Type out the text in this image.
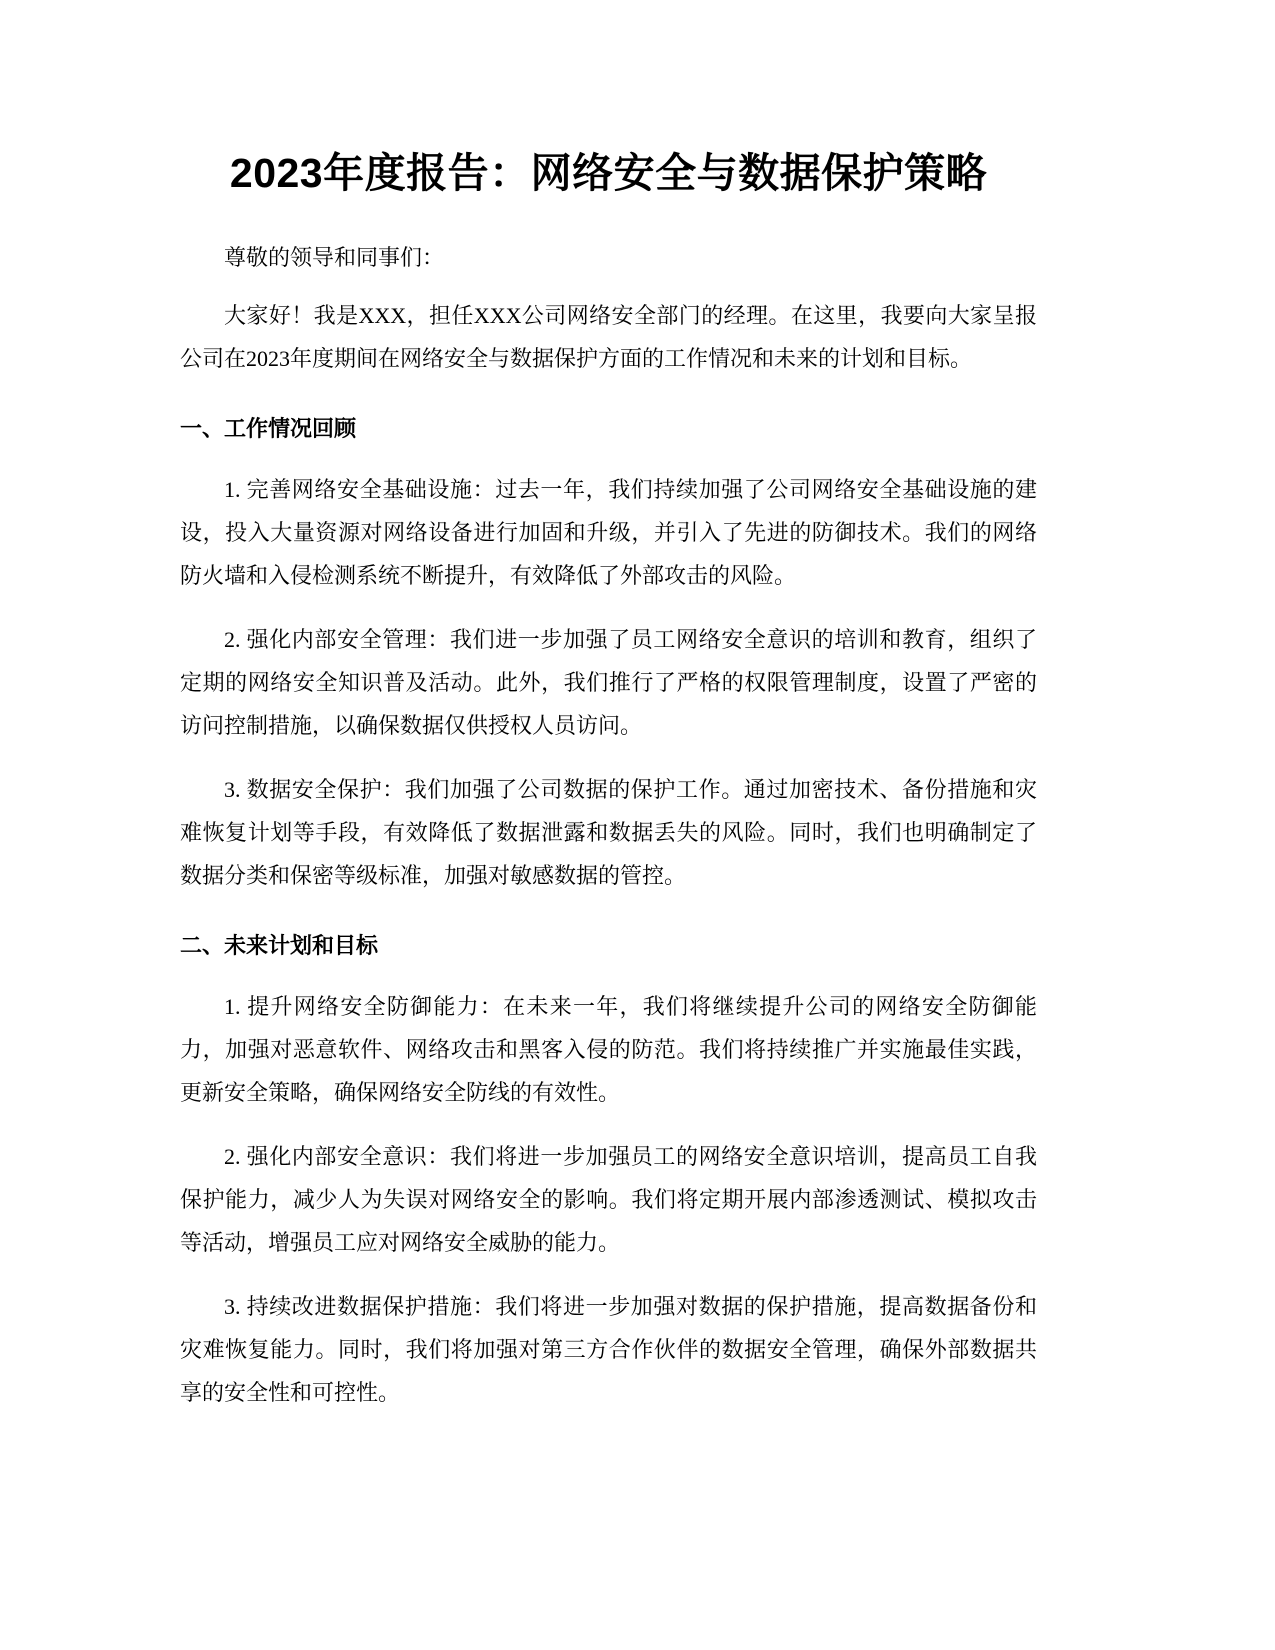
2023年度报告：网络安全与数据保护策略

尊敬的领导和同事们：

大家好！我是XXX，担任XXX公司网络安全部门的经理。在这里，我要向大家呈报公司在2023年度期间在网络安全与数据保护方面的工作情况和未来的计划和目标。

一、工作情况回顾

1. 完善网络安全基础设施：过去一年，我们持续加强了公司网络安全基础设施的建设，投入大量资源对网络设备进行加固和升级，并引入了先进的防御技术。我们的网络防火墙和入侵检测系统不断提升，有效降低了外部攻击的风险。

2. 强化内部安全管理：我们进一步加强了员工网络安全意识的培训和教育，组织了定期的网络安全知识普及活动。此外，我们推行了严格的权限管理制度，设置了严密的访问控制措施，以确保数据仅供授权人员访问。

3. 数据安全保护：我们加强了公司数据的保护工作。通过加密技术、备份措施和灾难恢复计划等手段，有效降低了数据泄露和数据丢失的风险。同时，我们也明确制定了数据分类和保密等级标准，加强对敏感数据的管控。

二、未来计划和目标

1. 提升网络安全防御能力：在未来一年，我们将继续提升公司的网络安全防御能力，加强对恶意软件、网络攻击和黑客入侵的防范。我们将持续推广并实施最佳实践，更新安全策略，确保网络安全防线的有效性。

2. 强化内部安全意识：我们将进一步加强员工的网络安全意识培训，提高员工自我保护能力，减少人为失误对网络安全的影响。我们将定期开展内部渗透测试、模拟攻击等活动，增强员工应对网络安全威胁的能力。

3. 持续改进数据保护措施：我们将进一步加强对数据的保护措施，提高数据备份和灾难恢复能力。同时，我们将加强对第三方合作伙伴的数据安全管理，确保外部数据共享的安全性和可控性。
